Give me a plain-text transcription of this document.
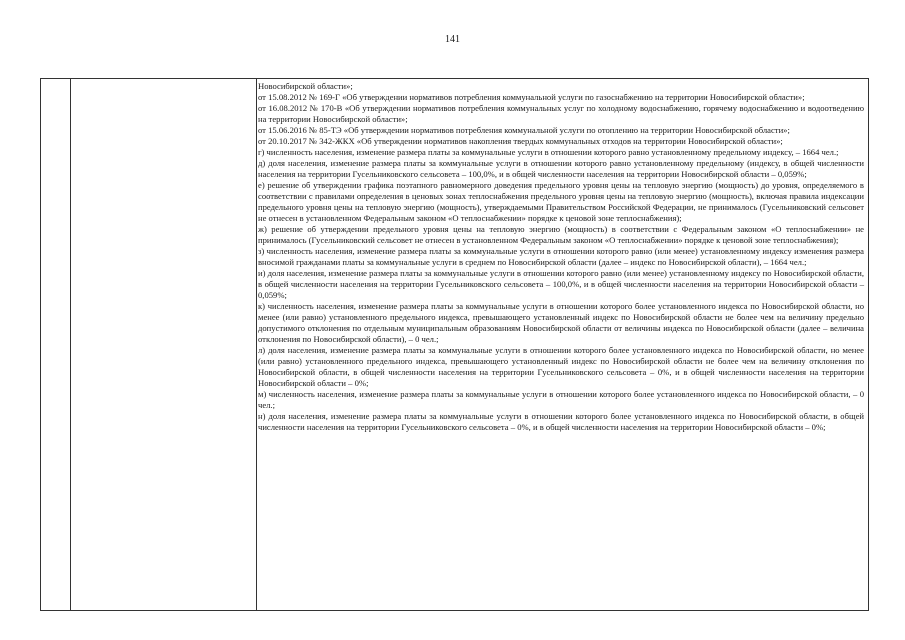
141

Новосибирской области»;

от 15.08.2012 № 169-Г «Об утверждении нормативов потребления коммунальной услуги по газоснабжению на территории Новосибирской области»;

от 16.08.2012 № 170-В «Об утверждении нормативов потребления коммунальных услуг по холодному водоснабжению, горячему водоснабжению и водоотведению на территории Новосибирской области»;

от 15.06.2016 № 85-ТЭ «Об утверждении нормативов потребления коммунальной услуги по отоплению на территории Новосибирской области»;

от 20.10.2017 № 342-ЖКХ «Об утверждении нормативов накопления твердых коммунальных отходов на территории Новосибирской области»;

г) численность населения, изменение размера платы за коммунальные услуги в отношении которого равно установленному предельному индексу, – 1664 чел.;

д) доля населения, изменение размера платы за коммунальные услуги в отношении которого равно установленному предельному (индексу, в общей численности населения на территории Гусельниковского сельсовета – 100,0%, и в общей численности населения на территории Новосибирской области – 0,059%;

е) решение об утверждении графика поэтапного равномерного доведения предельного уровня цены на тепловую энергию (мощность) до уровня, определяемого в соответствии с правилами определения в ценовых зонах теплоснабжения предельного уровня цены на тепловую энергию (мощность), включая правила индексации предельного уровня цены на тепловую энергию (мощность), утверждаемыми Правительством Российской Федерации, не принималось (Гусельниковский сельсовет не отнесен в установленном Федеральным законом «О теплоснабжении» порядке к ценовой зоне теплоснабжения);

ж) решение об утверждении предельного уровня цены на тепловую энергию (мощность) в соответствии с Федеральным законом «О теплоснабжении» не принималось (Гусельниковский сельсовет не отнесен в установленном Федеральным законом «О теплоснабжении» порядке к ценовой зоне теплоснабжения);

з) численность населения, изменение размера платы за коммунальные услуги в отношении которого равно (или менее) установленному индексу изменения размера вносимой гражданами платы за коммунальные услуги в среднем по Новосибирской области (далее – индекс по Новосибирской области), – 1664 чел.;

и) доля населения, изменение размера платы за коммунальные услуги в отношении которого равно (или менее) установленному индексу по Новосибирской области, в общей численности населения на территории Гусельниковского сельсовета – 100,0%, и в общей численности населения на территории Новосибирской области – 0,059%;

к) численность населения, изменение размера платы за коммунальные услуги в отношении которого более установленного индекса по Новосибирской области, но менее (или равно) установленного предельного индекса, превышающего установленный индекс по Новосибирской области не более чем на величину предельно допустимого отклонения по отдельным муниципальным образованиям Новосибирской области от величины индекса по Новосибирской области (далее – величина отклонения по Новосибирской области), – 0 чел.;

л) доля населения, изменение размера платы за коммунальные услуги в отношении которого более установленного индекса по Новосибирской области, но менее (или равно) установленного предельного индекса, превышающего установленный индекс по Новосибирской области не более чем на величину отклонения по Новосибирской области, в общей численности населения на территории Гусельниковского сельсовета – 0%, и в общей численности населения на территории Новосибирской области – 0%;

м) численность населения, изменение размера платы за коммунальные услуги в отношении которого более установленного индекса по Новосибирской области, – 0 чел.;

н) доля населения, изменение размера платы за коммунальные услуги в отношении которого более установленного индекса по Новосибирской области, в общей численности населения на территории Гусельниковского сельсовета – 0%, и в общей численности населения на территории Новосибирской области – 0%;
